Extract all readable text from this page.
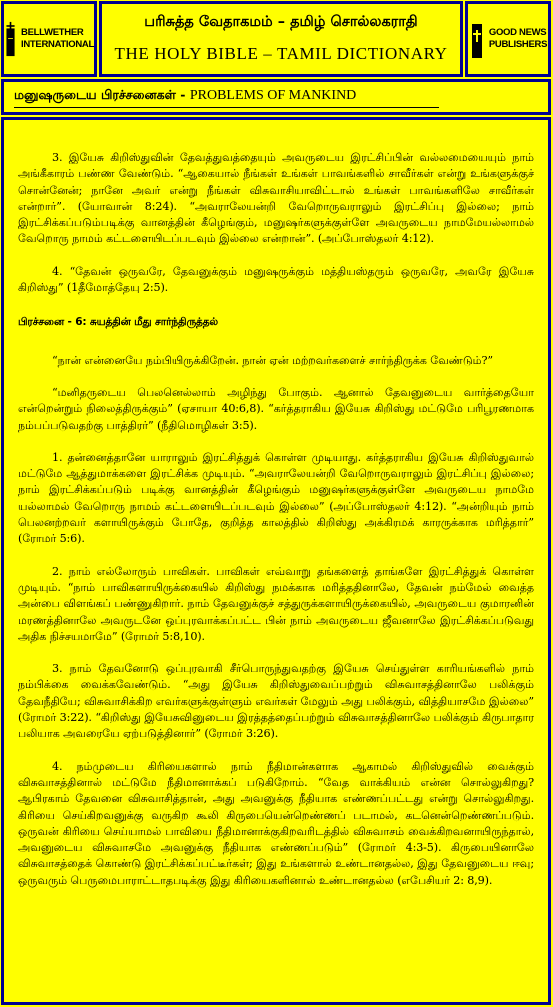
BELLWETHER
INTERNATIONAL
பரிசுத்த வேதாகமம் – தமிழ் சொல்லகராதி
THE HOLY BIBLE – TAMIL DICTIONARY
GOOD NEWS
PUBLISHERS
மனுஷருடைய பிரச்சனைகள் - PROBLEMS OF MANKIND

3. இயேசு கிறிஸ்துவின் தேவத்துவத்தையும் அவருடைய இரட்சிப்பின் வல்லமையையும் நாம் அங்கீகாரம் பண்ண வேண்டும். “ஆகையால் நீங்கள் உங்கள் பாவங்களில் சாவீர்கள் என்று உங்களுக்குச் சொன்னேன்; நானே அவர் என்று நீங்கள் விசுவாசியாவிட்டால் உங்கள் பாவங்களிலே சாவீர்கள் என்றார்”. (யோவான் 8:24). “அவராலேயன்றி வேறொருவராலும் இரட்சிப்பு இல்லை; நாம் இரட்சிக்கப்படும்படிக்கு வானத்தின் கீழெங்கும், மனுஷர்களுக்குள்ளே அவருடைய நாமமேயல்லாமல் வேறொரு நாமம் கட்டளையிடப்படவும் இல்லை என்றான்”. (அப்போஸ்தலர் 4:12).

4. “தேவன் ஒருவரே, தேவனுக்கும் மனுஷருக்கும் மத்தியஸ்தரும் ஒருவரே, அவரே இயேசு கிறிஸ்து” (1தீமோத்தேயு 2:5).

பிரச்சனை - 6: சுயத்தின் மீது சார்ந்திருத்தல்

“நான் என்னையே நம்பியிருக்கிறேன். நான் ஏன் மற்றவர்களைச் சார்ந்திருக்க வேண்டும்?”

“மனிதருடைய பெலனெல்லாம் அழிந்து போகும். ஆனால் தேவனுடைய வார்த்தையோ என்றென்றும் நிலைத்திருக்கும்” (ஏசாயா 40:6,8). “கர்த்தராகிய இயேசு கிறிஸ்து மட்டுமே பரிபூரணமாக நம்பப்படுவதற்கு பாத்திரர்” (நீதிமொழிகள் 3:5).

1. தன்னைத்தானே யாராலும் இரட்சித்துக் கொள்ள முடியாது. கர்த்தராகிய இயேசு கிறிஸ்துவால் மட்டுமே ஆத்துமாக்களை இரட்சிக்க முடியும். “அவராலேயன்றி வேறொருவராலும் இரட்சிப்பு இல்லை; நாம் இரட்சிக்கப்படும் படிக்கு வானத்தின் கீழெங்கும் மனுஷர்களுக்குள்ளே அவருடைய நாமமே யல்லாமல் வேறொரு நாமம் கட்டளையிடப்படவும் இல்லை” (அப்போஸ்தலர் 4:12). “அன்றியும் நாம் பெலனற்றவர் களாயிருக்கும் போதே, குறித்த காலத்தில் கிறிஸ்து அக்கிரமக் காரருக்காக மரித்தார்” (ரோமர் 5:6).

2. நாம் எல்லோரும் பாவிகள். பாவிகள் எவ்வாறு தங்களைத் தாங்களே இரட்சித்துக் கொள்ள முடியும். “நாம் பாவிகளாயிருக்கையில் கிறிஸ்து நமக்காக மரித்ததினாலே, தேவன் நம்மேல் வைத்த அன்பை விளங்கப் பண்ணுகிறார். நாம் தேவனுக்குச் சத்துருக்களாயிருக்கையில், அவருடைய குமாரனின் மரணத்தினாலே அவருடனே ஒப்புரவாக்கப்பட்ட பின் நாம் அவருடைய ஜீவனாலே இரட்சிக்கப்படுவது அதிக நிச்சயமாமே” (ரோமர் 5:8,10).

3. நாம் தேவனோடு ஒப்புரவாகி சீர்பொருந்துவதற்கு இயேசு செய்துள்ள காரியங்களில் நாம் நம்பிக்கை வைக்கவேண்டும். “அது இயேசு கிறிஸ்துவைப்பற்றும் விசுவாசத்தினாலே பலிக்கும் தேவநீதியே; விசுவாசிக்கிற எவர்களுக்குள்ளும் எவர்கள் மேலும் அது பலிக்கும், வித்தியாசமே இல்லை” (ரோமர் 3:22). “கிறிஸ்து இயேசுவினுடைய இரத்தத்தைப்பற்றும் விசுவாசத்தினாலே பலிக்கும் கிருபாதார பலியாக அவரையே ஏற்படுத்தினார்” (ரோமர் 3:26).

4. நம்முடைய கிரியைகளால் நாம் நீதிமான்களாக ஆகாமல் கிறிஸ்துவில் வைக்கும் விசுவாசத்தினால் மட்டுமே நீதிமானாக்கப் படுகிறோம். “வேத வாக்கியம் என்ன சொல்லுகிறது? ஆபிரகாம் தேவனை விசுவாசித்தான், அது அவனுக்கு நீதியாக எண்ணப்பட்டது என்று சொல்லுகிறது. கிரியை செய்கிறவனுக்கு வருகிற கூலி கிருபையென்றெண்ணப் படாமல், கடனென்றெண்ணப்படும். ஒருவன் கிரியை செய்யாமல் பாவியை நீதிமானாக்குகிறவரிடத்தில் விசுவாசம் வைக்கிறவனாயிருந்தால், அவனுடைய விசுவாசமே அவனுக்கு நீதியாக எண்ணப்படும்” (ரோமர் 4:3-5). கிருபையினாலே விசுவாசத்தைக் கொண்டு இரட்சிக்கப்பட்டீர்கள்; இது உங்களால் உண்டானதல்ல, இது தேவனுடைய ஈவு; ஒருவரும் பெருமைபாராட்டாதபடிக்கு இது கிரியைகளினால் உண்டானதல்ல (எபேசியர் 2: 8,9).
